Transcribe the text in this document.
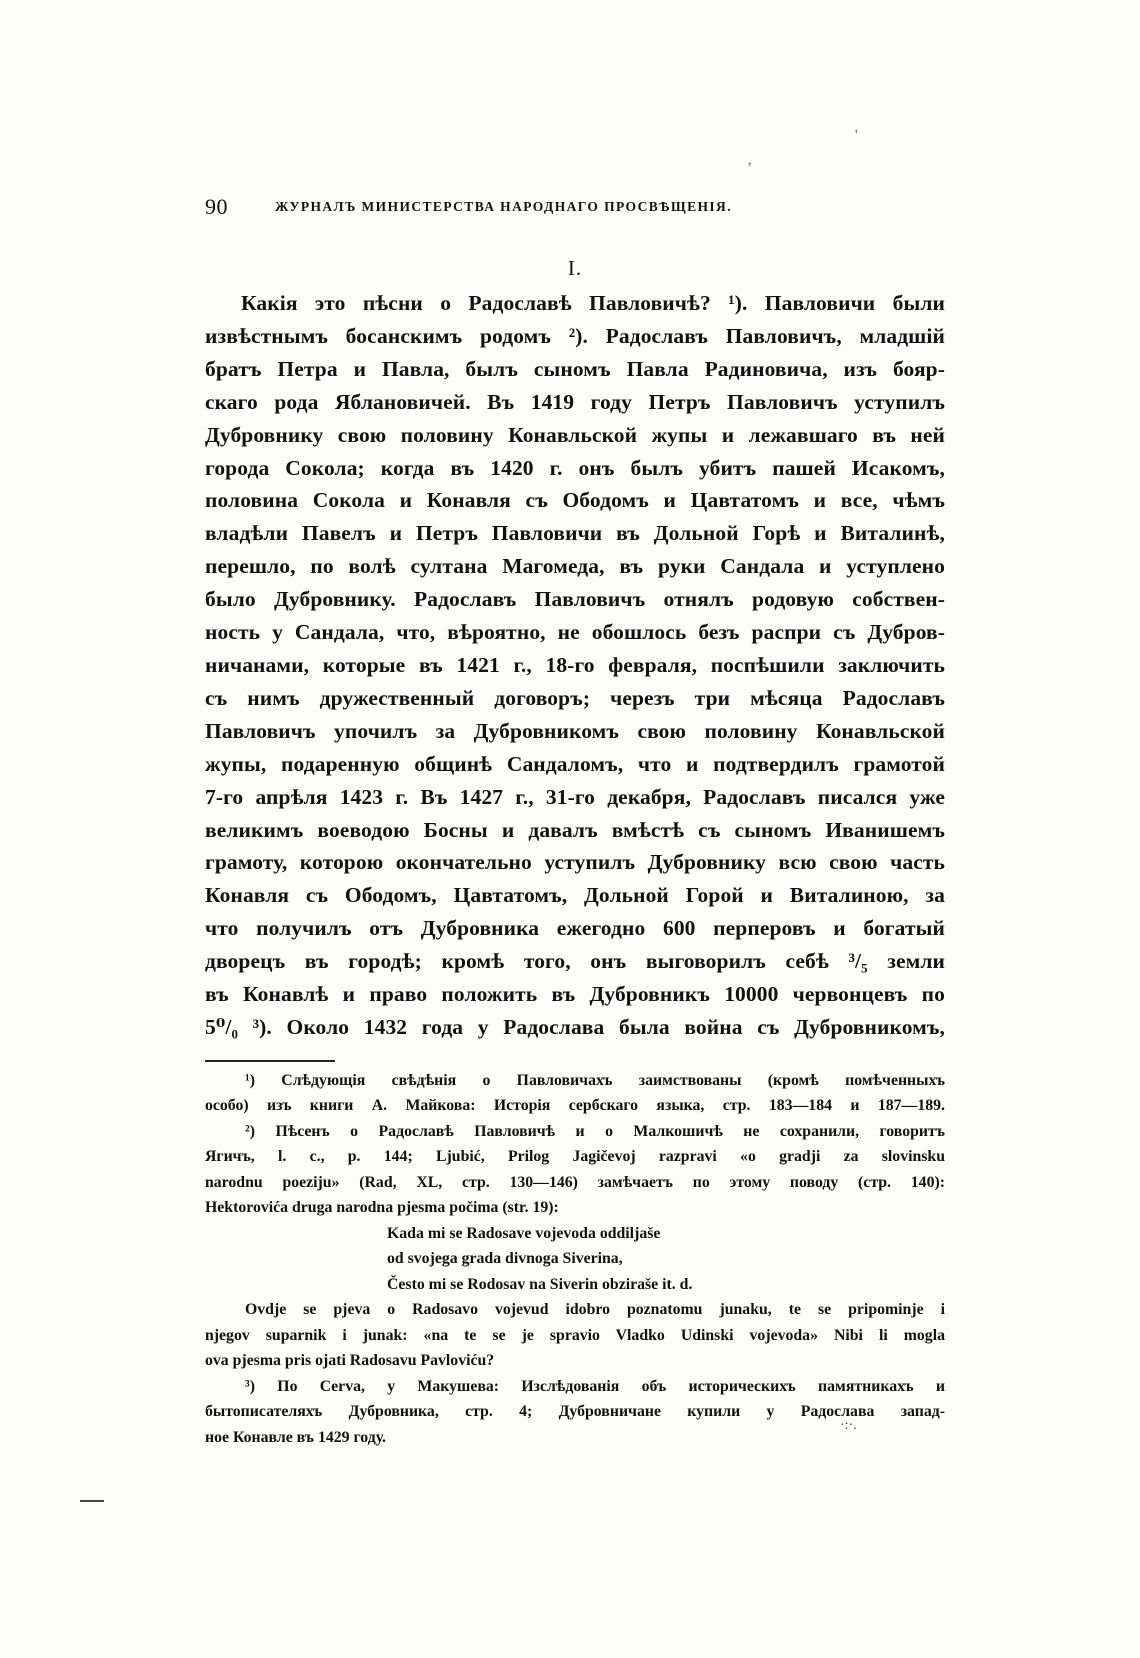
90	ЖУРНАЛЪ МИНИСТЕРСТВА НАРОДНАГО ПРОСВѢЩЕНІЯ.
I.
Какія это пѣсни о Радославѣ Павловичѣ? ¹). Павловичи были
извѣстнымъ босанскимъ родомъ ²). Радославъ Павловичъ, младшій
братъ Петра и Павла, былъ сыномъ Павла Радиновича, изъ бояр-
скаго рода Яблановичей. Въ 1419 году Петръ Павловичъ уступилъ
Дубровнику свою половину Конавльской жупы и лежавшаго въ ней
города Сокола; когда въ 1420 г. онъ былъ убитъ пашей Исакомъ,
половина Сокола и Конавля съ Ободомъ и Цавтатомъ и все, чѣмъ
владѣли Павелъ и Петръ Павловичи въ Дольной Горѣ и Виталинѣ,
перешло, по волѣ султана Магомеда, въ руки Сандала и уступлено
было Дубровнику. Радославъ Павловичъ отнялъ родовую собствен-
ность у Сандала, что, вѣроятно, не обошлось безъ распри съ Дубров-
ничанами, которые въ 1421 г., 18-го февраля, поспѣшили заключить
съ нимъ дружественный договоръ; черезъ три мѣсяца Радославъ
Павловичъ упочилъ за Дубровникомъ свою половину Конавльской
жупы, подаренную общинѣ Сандаломъ, что и подтвердилъ грамотой
7-го апрѣля 1423 г. Въ 1427 г., 31-го декабря, Радославъ писался уже
великимъ воеводою Босны и давалъ вмѣстѣ съ сыномъ Иванишемъ
грамоту, которою окончательно уступилъ Дубровнику всю свою часть
Конавля съ Ободомъ, Цавтатомъ, Дольной Горой и Виталиною, за
что получилъ отъ Дубровника ежегодно 600 перперовъ и богатый
дворецъ въ городѣ; кромѣ того, онъ выговорилъ себѣ ³/₅ земли
въ Конавлѣ и право положить въ Дубровникъ 10000 червонцевъ по
5⁰/₀ ³). Около 1432 года у Радослава была война съ Дубровникомъ,
¹) Слѣдующія свѣдѣнія о Павловичахъ заимствованы (кромѣ помѣченныхъ
особо) изъ книги А. Майкова: Исторія сербскаго языка, стр. 183—184 и 187—189.
²) Пѣсенъ о Радославѣ Павловичѣ и о Малкошичѣ не сохранили, говоритъ
Ягичъ, l. c., p. 144; Ljubić, Prilog Jagičevoj razpravi «o gradji za slovinsku
narodnu poeziju» (Rad, XL, стр. 130—146) замѣчаетъ по этому поводу (стр. 140):
Hektorovića druga narodna pjesma počima (str. 19):
Kada mi se Radosave vojevoda oddiljaše
od svojega grada divnoga Siverina,
Često mi se Rodosav na Siverin obziraše it. d.
Ovdje se pjeva o Radosavo vojevud idobro poznatomu junaku, te se pripominje i
njegov suparnik i junak: «na te se je spravio Vladko Udinski vojevoda» Nibi li mogla
ova pjesma pris ojati Radosavu Pavloviću?
³) По Cerva, у Макушева: Изслѣдованія объ историческихъ памятникахъ и
бытописателяхъ Дубровника, стр. 4; Дубровничане купили у Радослава запад-
ное Конавле въ 1429 году.
'
,
·:·.
